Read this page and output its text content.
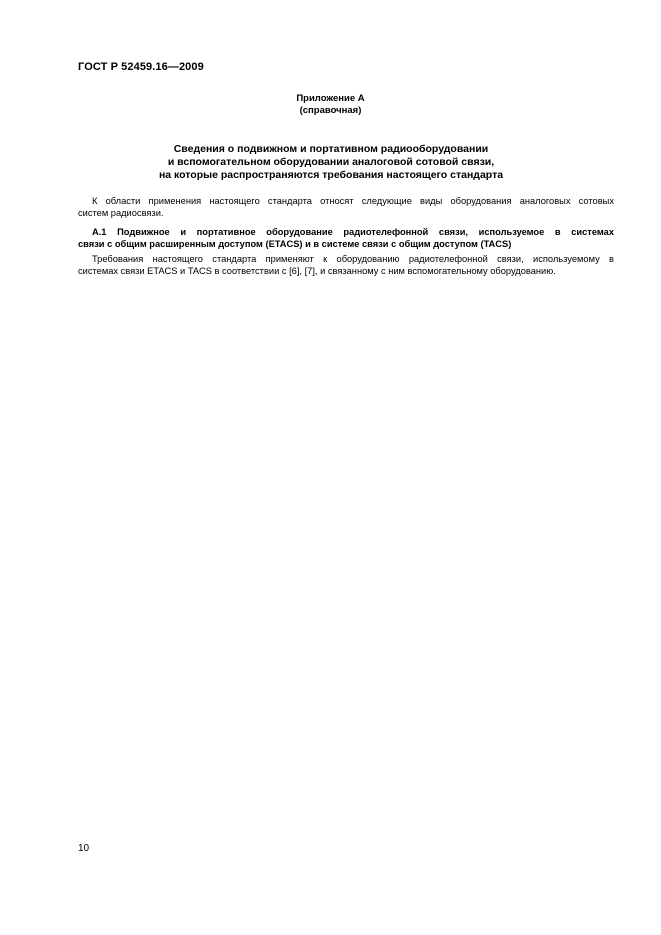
ГОСТ Р 52459.16—2009
Приложение А
(справочная)
Сведения о подвижном и портативном радиооборудовании
и вспомогательном оборудовании аналоговой сотовой связи,
на которые распространяются требования настоящего стандарта
К области применения настоящего стандарта относят следующие виды оборудования аналоговых сотовых
систем радиосвязи.
А.1 Подвижное и портативное оборудование радиотелефонной связи, используемое в системах
связи с общим расширенным доступом (ETACS) и в системе связи с общим доступом (TACS)
Требования настоящего стандарта применяют к оборудованию радиотелефонной связи, используемому в
системах связи ETACS и TACS в соответствии с [6], [7], и связанному с ним вспомогательному оборудованию.
10
